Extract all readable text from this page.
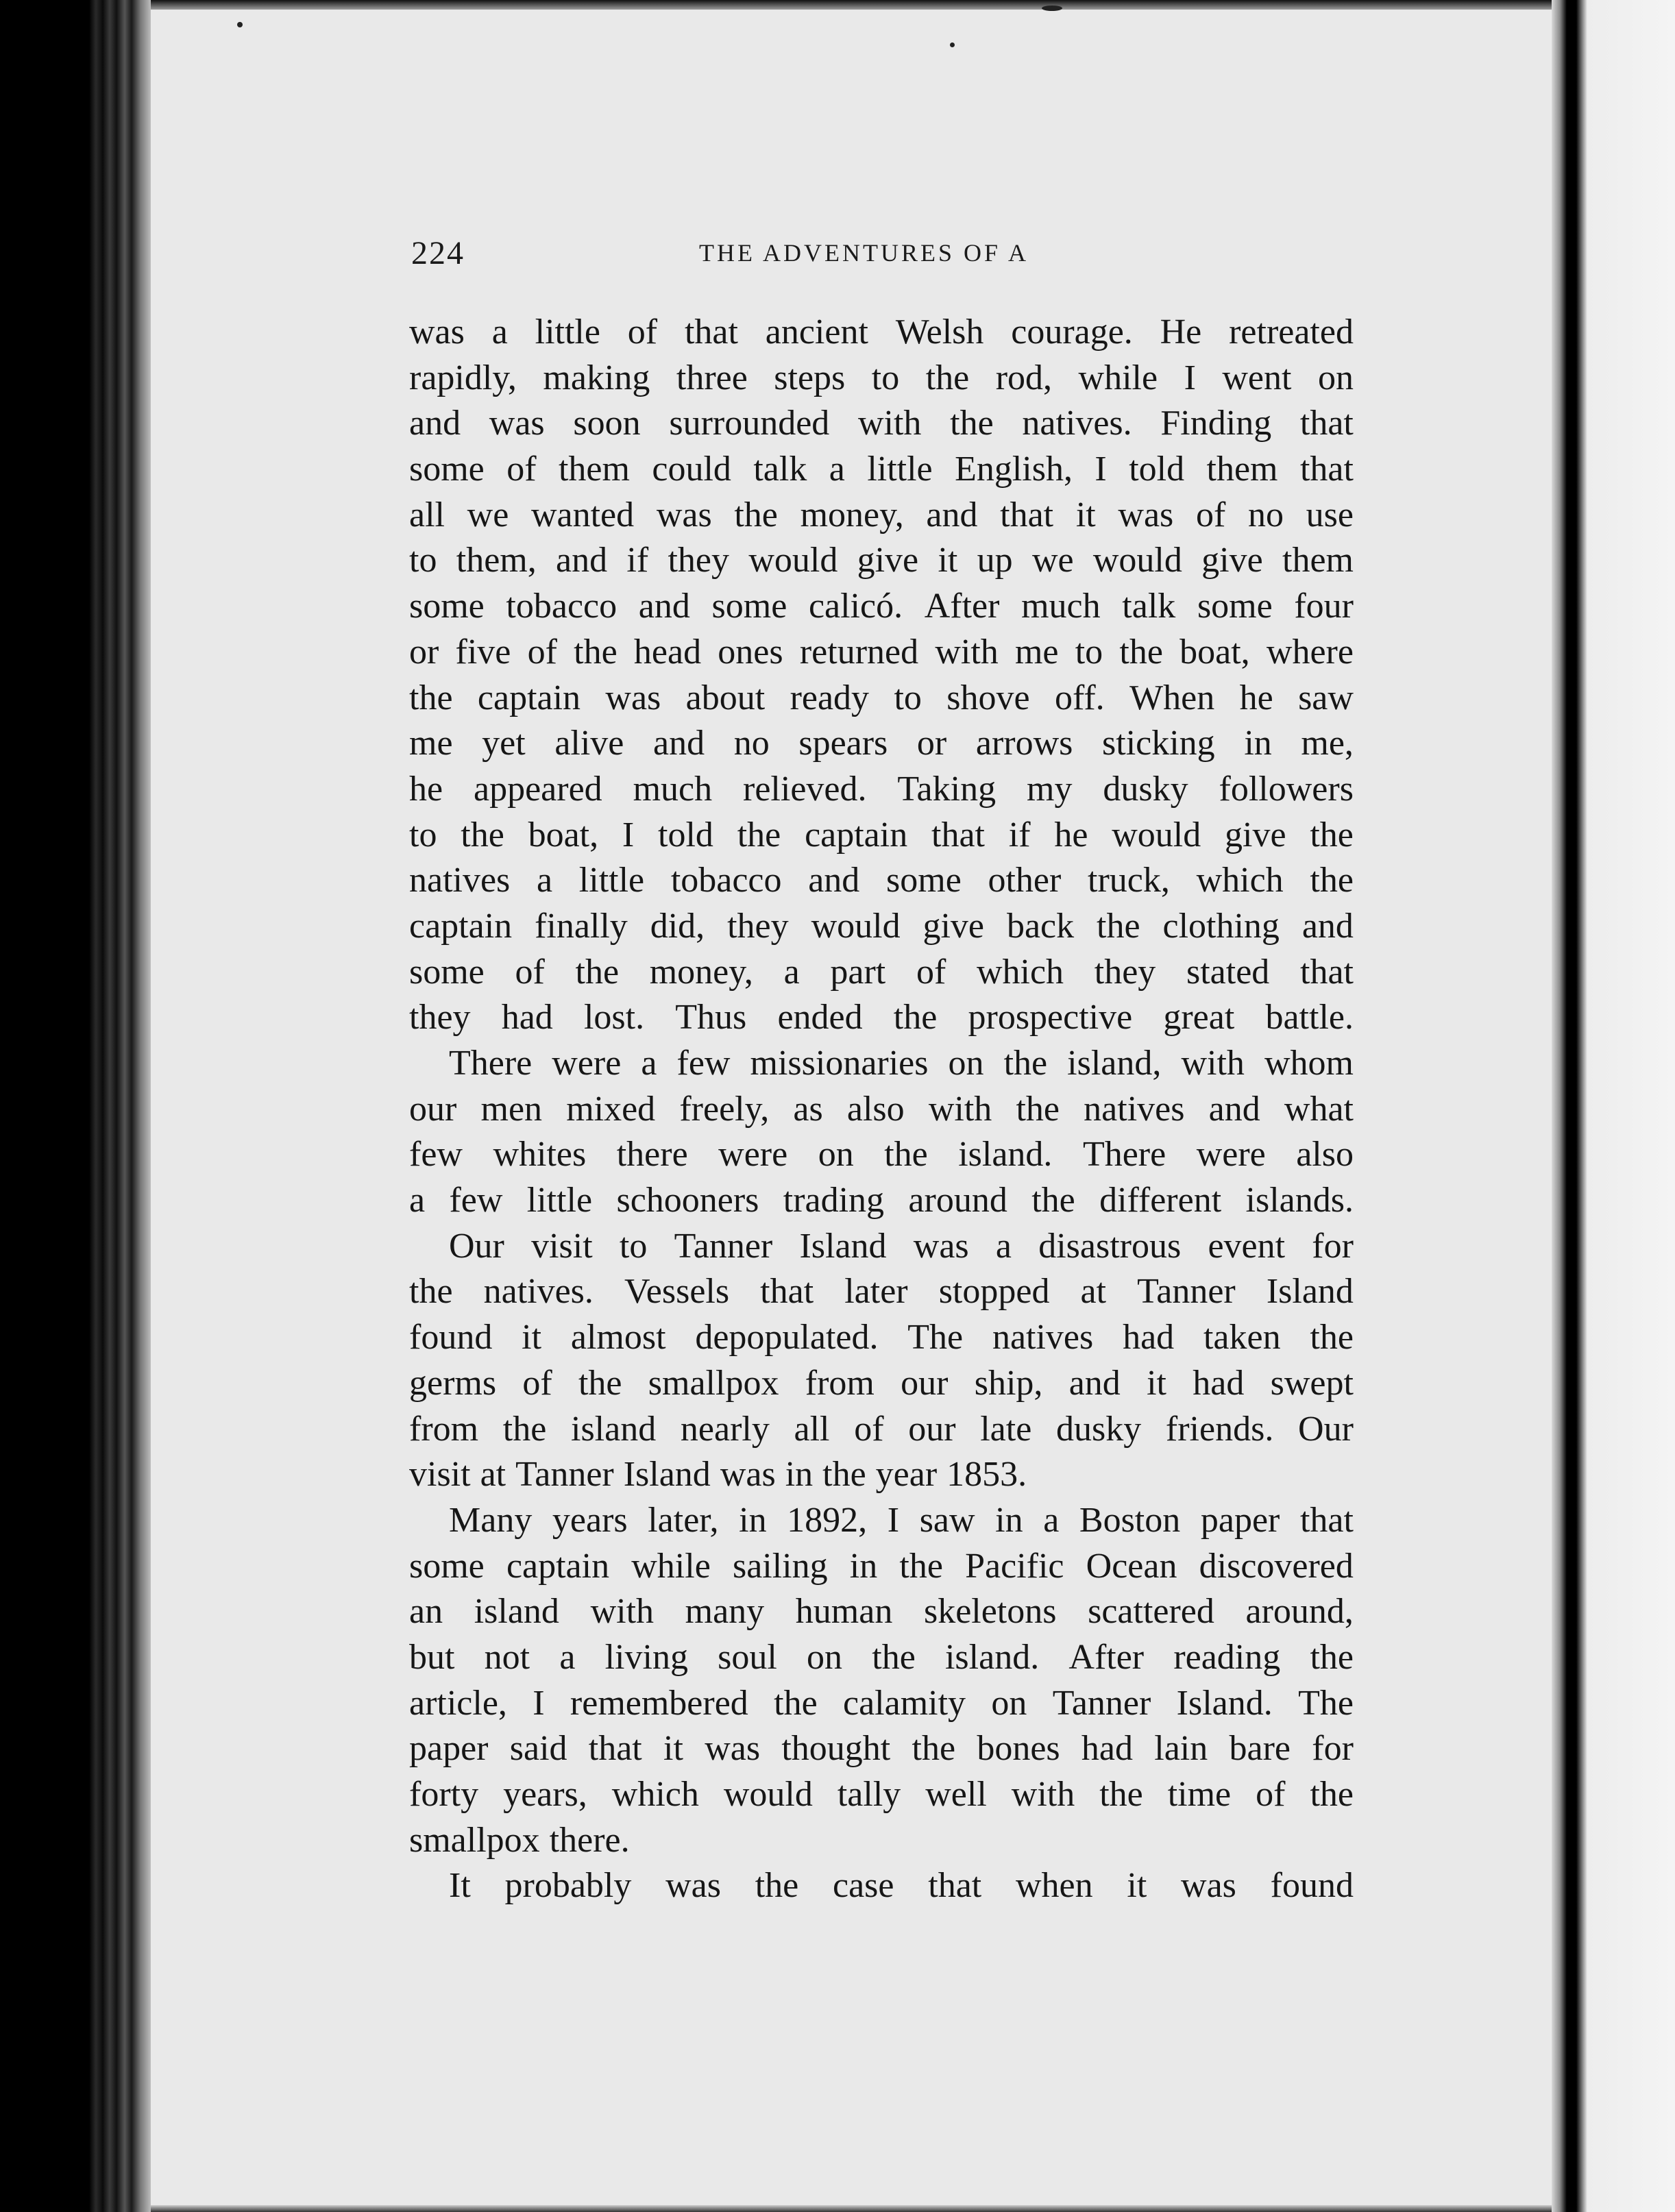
224	THE ADVENTURES OF A
was a little of that ancient Welsh courage. He retreated
rapidly, making three steps to the rod, while I went on
and was soon surrounded with the natives. Finding that
some of them could talk a little English, I told them that
all we wanted was the money, and that it was of no use
to them, and if they would give it up we would give them
some tobacco and some calicó. After much talk some four
or five of the head ones returned with me to the boat, where
the captain was about ready to shove off. When he saw
me yet alive and no spears or arrows sticking in me,
he appeared much relieved. Taking my dusky followers
to the boat, I told the captain that if he would give the
natives a little tobacco and some other truck, which the
captain finally did, they would give back the clothing and
some of the money, a part of which they stated that
they had lost. Thus ended the prospective great battle.
There were a few missionaries on the island, with whom
our men mixed freely, as also with the natives and what
few whites there were on the island. There were also
a few little schooners trading around the different islands.
Our visit to Tanner Island was a disastrous event for
the natives. Vessels that later stopped at Tanner Island
found it almost depopulated. The natives had taken the
germs of the smallpox from our ship, and it had swept
from the island nearly all of our late dusky friends. Our
visit at Tanner Island was in the year 1853.
Many years later, in 1892, I saw in a Boston paper that
some captain while sailing in the Pacific Ocean discovered
an island with many human skeletons scattered around,
but not a living soul on the island. After reading the
article, I remembered the calamity on Tanner Island. The
paper said that it was thought the bones had lain bare for
forty years, which would tally well with the time of the
smallpox there.
It probably was the case that when it was found
